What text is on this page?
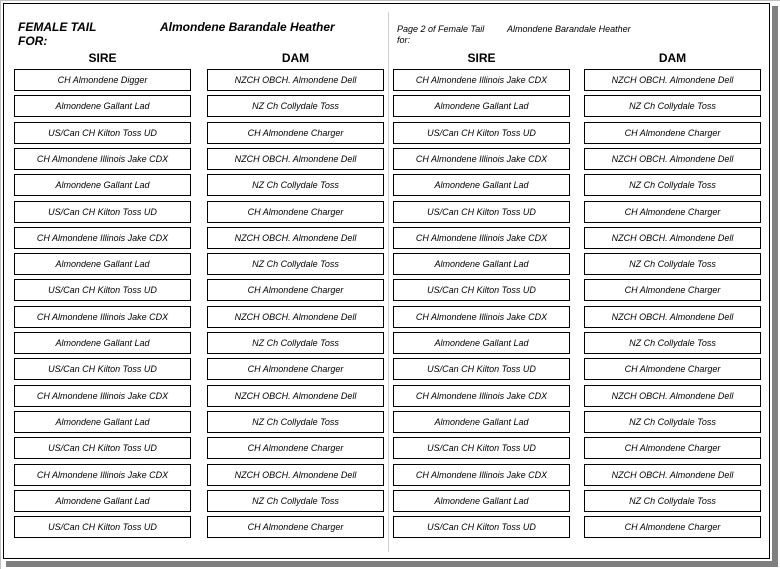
FEMALE TAIL
FOR:
Almondene Barandale Heather	Page 2 of Female Tail
for:
Almondene Barandale Heather
SIRE	DAM	SIRE	DAM
CH Almondene Digger	NZCH OBCH. Almondene Dell	CH Almondene Illinois Jake CDX	NZCH OBCH. Almondene Dell
Almondene Gallant Lad	NZ Ch Collydale Toss	Almondene Gallant Lad	NZ Ch Collydale Toss
US/Can CH Kilton Toss UD	CH Almondene Charger	US/Can CH Kilton Toss UD	CH Almondene Charger
CH Almondene Illinois Jake CDX	NZCH OBCH. Almondene Dell	CH Almondene Illinois Jake CDX	NZCH OBCH. Almondene Dell
Almondene Gallant Lad	NZ Ch Collydale Toss	Almondene Gallant Lad	NZ Ch Collydale Toss
US/Can CH Kilton Toss UD	CH Almondene Charger	US/Can CH Kilton Toss UD	CH Almondene Charger
CH Almondene Illinois Jake CDX	NZCH OBCH. Almondene Dell	CH Almondene Illinois Jake CDX	NZCH OBCH. Almondene Dell
Almondene Gallant Lad	NZ Ch Collydale Toss	Almondene Gallant Lad	NZ Ch Collydale Toss
US/Can CH Kilton Toss UD	CH Almondene Charger	US/Can CH Kilton Toss UD	CH Almondene Charger
CH Almondene Illinois Jake CDX	NZCH OBCH. Almondene Dell	CH Almondene Illinois Jake CDX	NZCH OBCH. Almondene Dell
Almondene Gallant Lad	NZ Ch Collydale Toss	Almondene Gallant Lad	NZ Ch Collydale Toss
US/Can CH Kilton Toss UD	CH Almondene Charger	US/Can CH Kilton Toss UD	CH Almondene Charger
CH Almondene Illinois Jake CDX	NZCH OBCH. Almondene Dell	CH Almondene Illinois Jake CDX	NZCH OBCH. Almondene Dell
Almondene Gallant Lad	NZ Ch Collydale Toss	Almondene Gallant Lad	NZ Ch Collydale Toss
US/Can CH Kilton Toss UD	CH Almondene Charger	US/Can CH Kilton Toss UD	CH Almondene Charger
CH Almondene Illinois Jake CDX	NZCH OBCH. Almondene Dell	CH Almondene Illinois Jake CDX	NZCH OBCH. Almondene Dell
Almondene Gallant Lad	NZ Ch Collydale Toss	Almondene Gallant Lad	NZ Ch Collydale Toss
US/Can CH Kilton Toss UD	CH Almondene Charger	US/Can CH Kilton Toss UD	CH Almondene Charger
